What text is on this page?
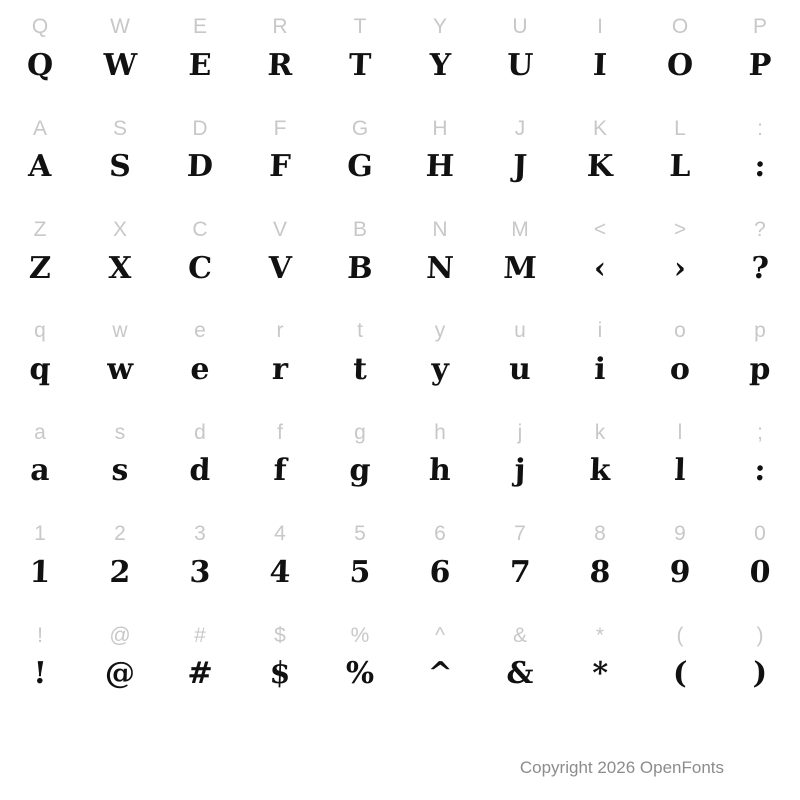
Q	W	E	R	T	Y	U	I	O	P
Q	W	E	R	T	Y	U	I	O	P
A	S	D	F	G	H	J	K	L	:
A	S	D	F	G	H	J	K	L	:
Z	X	C	V	B	N	M	<	>	?
Z	X	C	V	B	N	M	‹	›	?
q	w	e	r	t	y	u	i	o	p
q	w	e	r	t	y	u	i	o	p
a	s	d	f	g	h	j	k	l	;
a	s	d	f	g	h	j	k	l	:
1	2	3	4	5	6	7	8	9	0
1	2	3	4	5	6	7	8	9	0
!	@	#	$	%	^	&	*	(	)
!	@	#	$	%	^	&	*	(	)
Copyright 2026 OpenFonts
